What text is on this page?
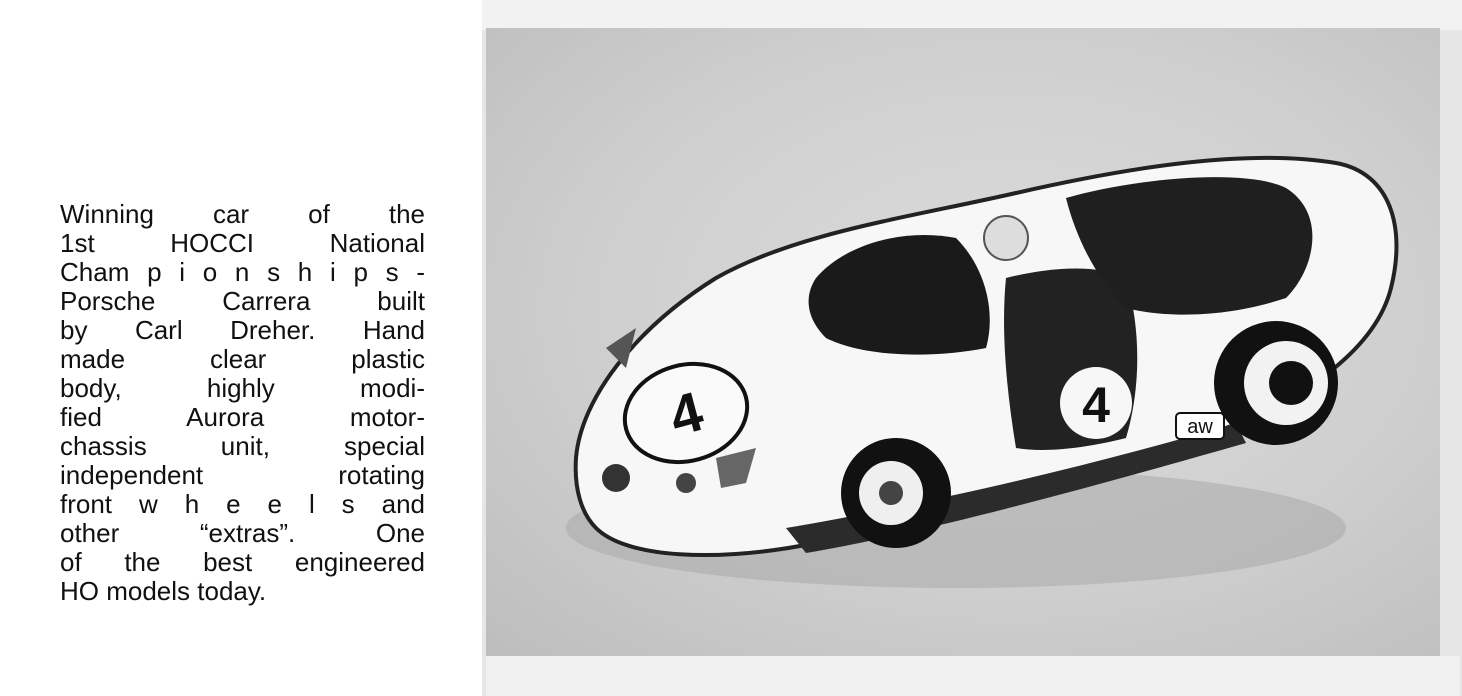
Winning car of the
1st HOCCI National
Cham p i o n s h i p s -
Porsche Carrera built
by Carl Dreher. Hand
made clear plastic
body, highly modi-
fied Aurora motor-
chassis unit, special
independent rotating
front w h e e l s and
other “extras”. One
of the best engineered
HO models today.
4	4	aw
